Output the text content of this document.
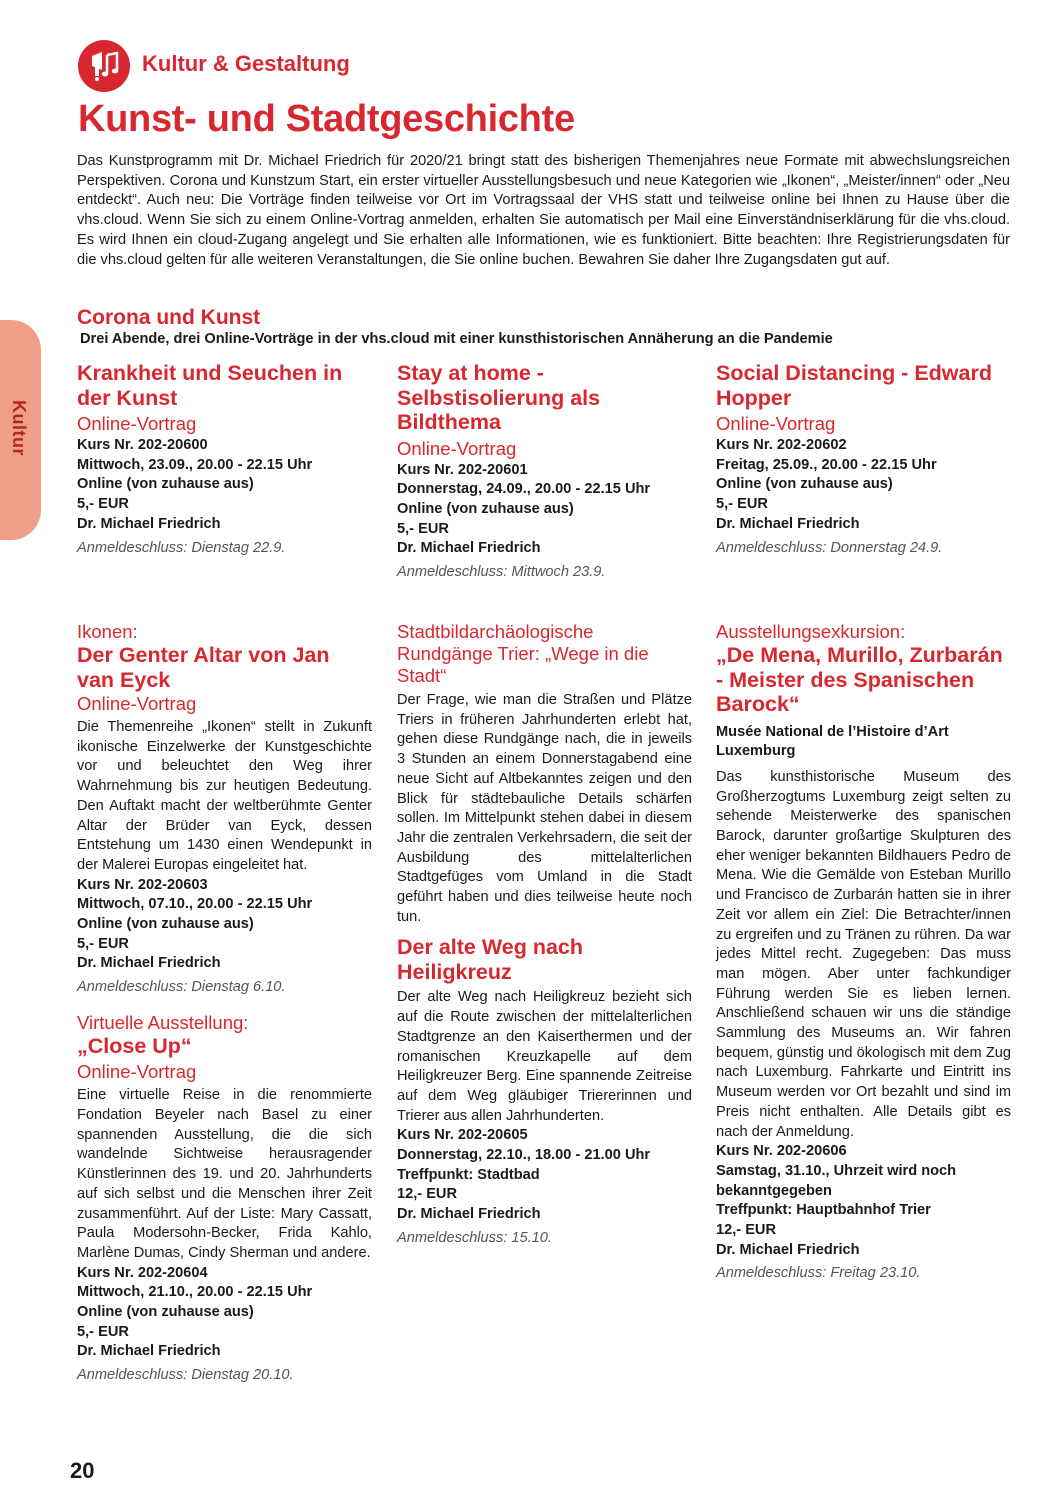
Kultur & Gestaltung
Kunst- und Stadtgeschichte
Das Kunstprogramm mit Dr. Michael Friedrich für 2020/21 bringt statt des bisherigen Themenjahres neue Formate mit abwechslungsreichen Perspektiven. Corona und Kunstzum Start, ein erster virtueller Ausstellungsbesuch und neue Kategorien wie „Ikonen“, „Meister/innen“ oder „Neu entdeckt“. Auch neu: Die Vorträge finden teilweise vor Ort im Vortragssaal der VHS statt und teilweise online bei Ihnen zu Hause über die vhs.cloud. Wenn Sie sich zu einem Online-Vortrag anmelden, erhalten Sie automatisch per Mail eine Einverständniserklärung für die vhs.cloud. Es wird Ihnen ein cloud-Zugang angelegt und Sie erhalten alle Informationen, wie es funktioniert. Bitte beachten: Ihre Registrierungsdaten für die vhs.cloud gelten für alle weiteren Veranstaltungen, die Sie online buchen. Bewahren Sie daher Ihre Zugangsdaten gut auf.
Kultur
Corona und Kunst
Drei Abende, drei Online-Vorträge in der vhs.cloud mit einer kunsthistorischen Annäherung an die Pandemie
Krankheit und Seuchen in der Kunst
Online-Vortrag
Kurs Nr. 202-20600
Mittwoch, 23.09., 20.00 - 22.15 Uhr
Online (von zuhause aus)
5,- EUR
Dr. Michael Friedrich
Anmeldeschluss: Dienstag 22.9.
Stay at home - Selbstisolierung als Bildthema
Online-Vortrag
Kurs Nr. 202-20601
Donnerstag, 24.09., 20.00 - 22.15 Uhr
Online (von zuhause aus)
5,- EUR
Dr. Michael Friedrich
Anmeldeschluss: Mittwoch 23.9.
Social Distancing - Edward Hopper
Online-Vortrag
Kurs Nr. 202-20602
Freitag, 25.09., 20.00 - 22.15 Uhr
Online (von zuhause aus)
5,- EUR
Dr. Michael Friedrich
Anmeldeschluss: Donnerstag 24.9.
Ikonen:
Der Genter Altar von Jan van Eyck
Online-Vortrag
Die Themenreihe „Ikonen“ stellt in Zukunft ikonische Einzelwerke der Kunstgeschichte vor und beleuchtet den Weg ihrer Wahrnehmung bis zur heutigen Bedeutung. Den Auftakt macht der weltberühmte Genter Altar der Brüder van Eyck, dessen Entstehung um 1430 einen Wendepunkt in der Malerei Europas eingeleitet hat.
Kurs Nr. 202-20603
Mittwoch, 07.10., 20.00 - 22.15 Uhr
Online (von zuhause aus)
5,- EUR
Dr. Michael Friedrich
Anmeldeschluss: Dienstag 6.10.
Virtuelle Ausstellung:
„Close Up“
Online-Vortrag
Eine virtuelle Reise in die renommierte Fondation Beyeler nach Basel zu einer spannenden Ausstellung, die die sich wandelnde Sichtweise herausragender Künstlerinnen des 19. und 20. Jahrhunderts auf sich selbst und die Menschen ihrer Zeit zusammenführt. Auf der Liste: Mary Cassatt, Paula Modersohn-Becker, Frida Kahlo, Marlène Dumas, Cindy Sherman und andere.
Kurs Nr. 202-20604
Mittwoch, 21.10., 20.00 - 22.15 Uhr
Online (von zuhause aus)
5,- EUR
Dr. Michael Friedrich
Anmeldeschluss: Dienstag 20.10.
Stadtbildarchäologische Rundgänge Trier: „Wege in die Stadt“
Der Frage, wie man die Straßen und Plätze Triers in früheren Jahrhunderten erlebt hat, gehen diese Rundgänge nach, die in jeweils 3 Stunden an einem Donnerstagabend eine neue Sicht auf Altbekanntes zeigen und den Blick für städtebauliche Details schärfen sollen. Im Mittelpunkt stehen dabei in diesem Jahr die zentralen Verkehrsadern, die seit der Ausbildung des mittelalterlichen Stadtgefüges vom Umland in die Stadt geführt haben und dies teilweise heute noch tun.
Der alte Weg nach Heiligkreuz
Der alte Weg nach Heiligkreuz bezieht sich auf die Route zwischen der mittelalterlichen Stadtgrenze an den Kaiserthermen und der romanischen Kreuzkapelle auf dem Heiligkreuzer Berg. Eine spannende Zeitreise auf dem Weg gläubiger Triererinnen und Trierer aus allen Jahrhunderten.
Kurs Nr. 202-20605
Donnerstag, 22.10., 18.00 - 21.00 Uhr
Treffpunkt: Stadtbad
12,- EUR
Dr. Michael Friedrich
Anmeldeschluss: 15.10.
Ausstellungsexkursion:
„De Mena, Murillo, Zurbarán - Meister des Spanischen Barock“
Musée National de l’Histoire d’Art Luxemburg
Das kunsthistorische Museum des Großherzogtums Luxemburg zeigt selten zu sehende Meisterwerke des spanischen Barock, darunter großartige Skulpturen des eher weniger bekannten Bildhauers Pedro de Mena. Wie die Gemälde von Esteban Murillo und Francisco de Zurbarán hatten sie in ihrer Zeit vor allem ein Ziel: Die Betrachter/innen zu ergreifen und zu Tränen zu rühren. Da war jedes Mittel recht. Zugegeben: Das muss man mögen. Aber unter fachkundiger Führung werden Sie es lieben lernen. Anschließend schauen wir uns die ständige Sammlung des Museums an. Wir fahren bequem, günstig und ökologisch mit dem Zug nach Luxemburg. Fahrkarte und Eintritt ins Museum werden vor Ort bezahlt und sind im Preis nicht enthalten. Alle Details gibt es nach der Anmeldung.
Kurs Nr. 202-20606
Samstag, 31.10., Uhrzeit wird noch bekanntgegeben
Treffpunkt: Hauptbahnhof Trier
12,- EUR
Dr. Michael Friedrich
Anmeldeschluss: Freitag 23.10.
20
